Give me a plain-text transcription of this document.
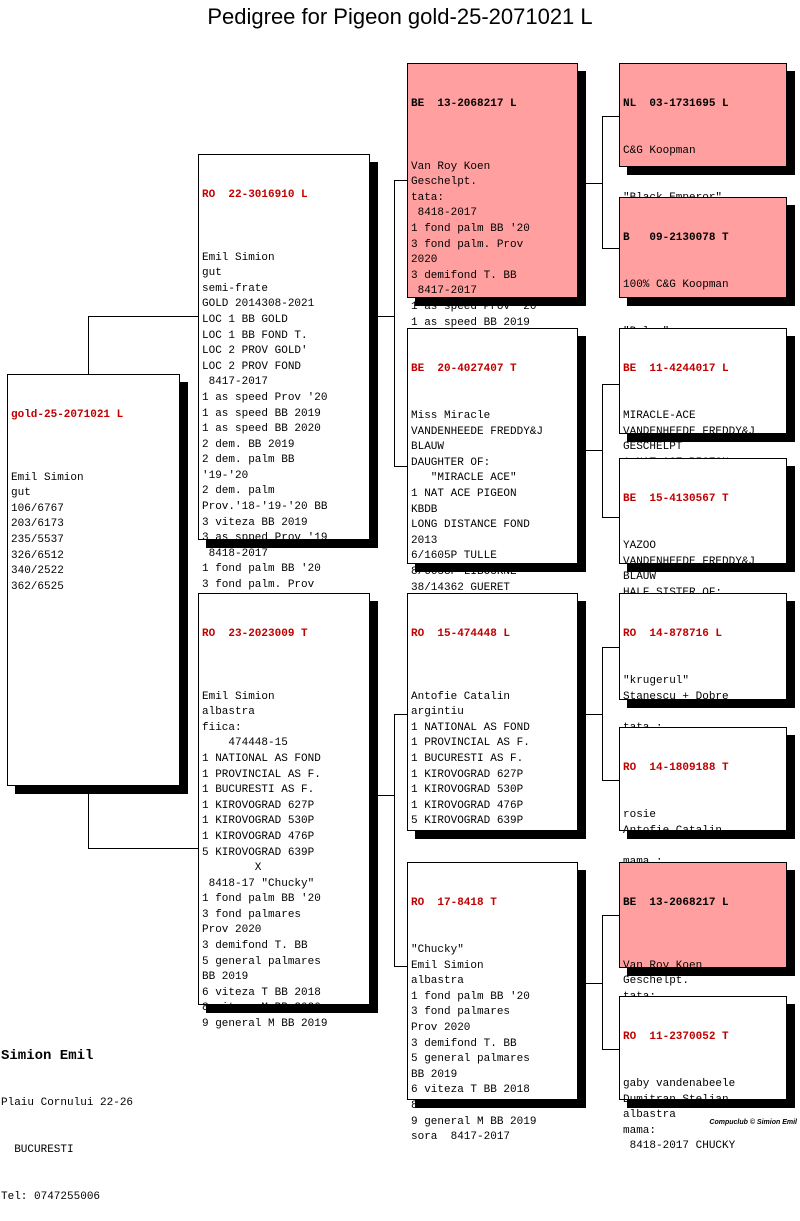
Pedigree for Pigeon gold-25-2071021 L

gold-25-2071021 L

Emil Simion
gut
106/6767
203/6173
235/5537
326/6512
340/2522
362/6525

RO  22-3016910 L

Emil Simion
gut
semi-frate
GOLD 2014308-2021
LOC 1 BB GOLD
LOC 1 BB FOND T.
LOC 2 PROV GOLD'
LOC 2 PROV FOND
8417-2017
1 as speed Prov '20
1 as speed BB 2019
1 as speed BB 2020
2 dem. BB 2019
2 dem. palm BB
'19-'20
2 dem. palm
Prov.'18-'19-'20 BB
3 viteza BB 2019
3 as spped Prov '19
8418-2017
1 fond palm BB '20
3 fond palm. Prov

RO  23-2023009 T

Emil Simion
albastra
fiica:
474448-15
1 NATIONAL AS FOND
1 PROVINCIAL AS F.
1 BUCURESTI AS F.
1 KIROVOGRAD 627P
1 KIROVOGRAD 530P
1 KIROVOGRAD 476P
5 KIROVOGRAD 639P
X
8418-17 "Chucky"
1 fond palm BB '20
3 fond palmares
Prov 2020
3 demifond T. BB
5 general palmares
BB 2019
6 viteza T BB 2018
8 viteza M BB 2020
9 general M BB 2019

BE  13-2068217 L

Van Roy Koen
Geschelpt.
tata:
8418-2017
1 fond palm BB '20
3 fond palm. Prov
2020
3 demifond T. BB
8417-2017
1 as speed Prov '20
1 as speed BB 2019

BE  20-4027407 T

Miss Miracle
VANDENHEEDE FREDDY&J
BLAUW
DAUGHTER OF:
"MIRACLE ACE"
1 NAT ACE PIGEON
KBDB
LONG DISTANCE FOND
2013
6/1605P TULLE
8/6658P LIBOURNE
38/14362 GUERET

RO  15-474448 L

Antofie Catalin
argintiu
1 NATIONAL AS FOND
1 PROVINCIAL AS F.
1 BUCURESTI AS F.
1 KIROVOGRAD 627P
1 KIROVOGRAD 530P
1 KIROVOGRAD 476P
5 KIROVOGRAD 639P

RO  17-8418 T

"Chucky"
Emil Simion
albastra
1 fond palm BB '20
3 fond palmares
Prov 2020
3 demifond T. BB
5 general palmares
BB 2019
6 viteza T BB 2018
8 viteza M BB 2020
9 general M BB 2019
sora  8417-2017

NL  03-1731695 L

C&G Koopman

B   09-2130078 T

100% C&G Koopman

BE  11-4244017 L

MIRACLE-ACE
VANDENHEEDE FREDDY&J
GESCHELPT

BE  15-4130567 T

YAZOO
VANDENHEEDE FREDDY&J
BLAUW

RO  14-878716 L

"krugerul"
Stanescu + Dobre

RO  14-1809188 T

rosie
Antofie Catalin

BE  13-2068217 L

Van Roy Koen
Geschelpt.

RO  11-2370052 T

gaby vandenabeele
Dumitran Stelian
albastra
mama:
8418-2017 CHUCKY

Simion Emil

Plaiu Cornului 22-26

BUCURESTI

Tel: 0747255006

Compuclub © Simion Emil
